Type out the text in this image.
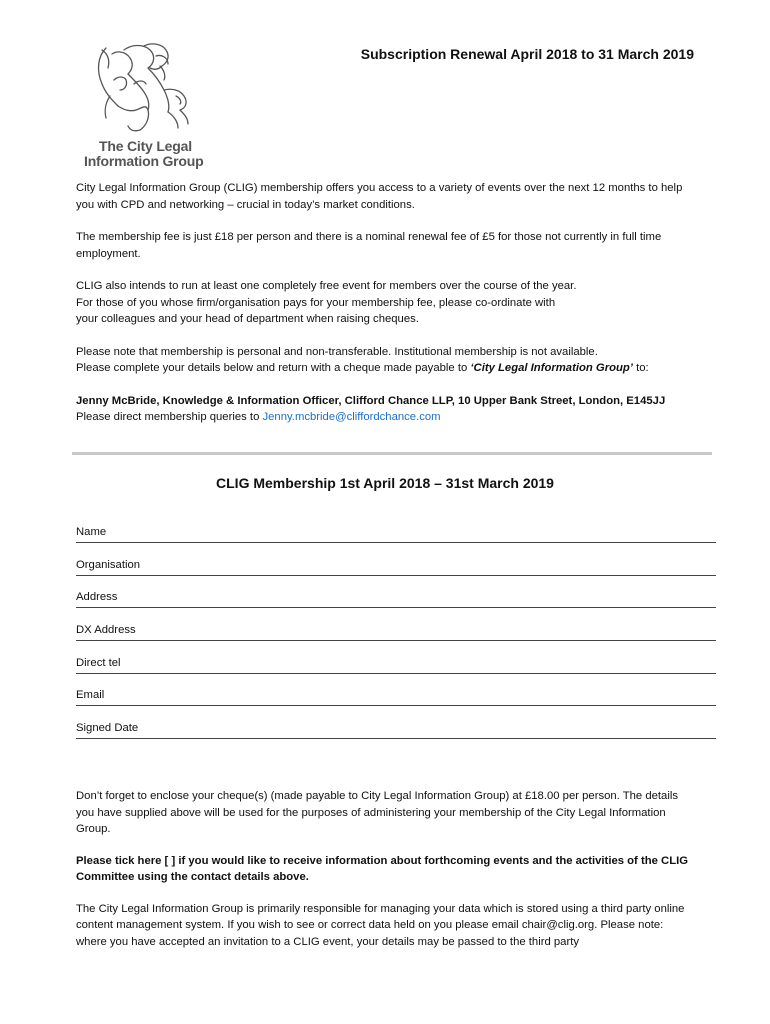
The City Legal
Information Group
Subscription Renewal April 2018 to 31 March 2019

City Legal Information Group (CLIG) membership offers you access to a variety of events over the next 12 months to help you with CPD and networking – crucial in today’s market conditions.

The membership fee is just £18 per person and there is a nominal renewal fee of £5 for those not currently in full time employment.

CLIG also intends to run at least one completely free event for members over the course of the year.
For those of you whose firm/organisation pays for your membership fee, please co-ordinate with
your colleagues and your head of department when raising cheques.

Please note that membership is personal and non-transferable. Institutional membership is not available.
Please complete your details below and return with a cheque made payable to ‘City Legal Information Group’ to:

Jenny McBride, Knowledge & Information Officer, Clifford Chance LLP, 10 Upper Bank Street, London, E145JJ
Please direct membership queries to Jenny.mcbride@cliffordchance.com

CLIG Membership 1st April 2018 – 31st March 2019
Name
Organisation
Address
DX Address
Direct tel
Email
Signed Date

Don’t forget to enclose your cheque(s) (made payable to City Legal Information Group) at £18.00 per person. The details you have supplied above will be used for the purposes of administering your membership of the City Legal Information Group.

Please tick here [ ] if you would like to receive information about forthcoming events and the activities of the CLIG Committee using the contact details above.

The City Legal Information Group is primarily responsible for managing your data which is stored using a third party online content management system. If you wish to see or correct data held on you please email chair@clig.org. Please note: where you have accepted an invitation to a CLIG event, your details may be passed to the third party
